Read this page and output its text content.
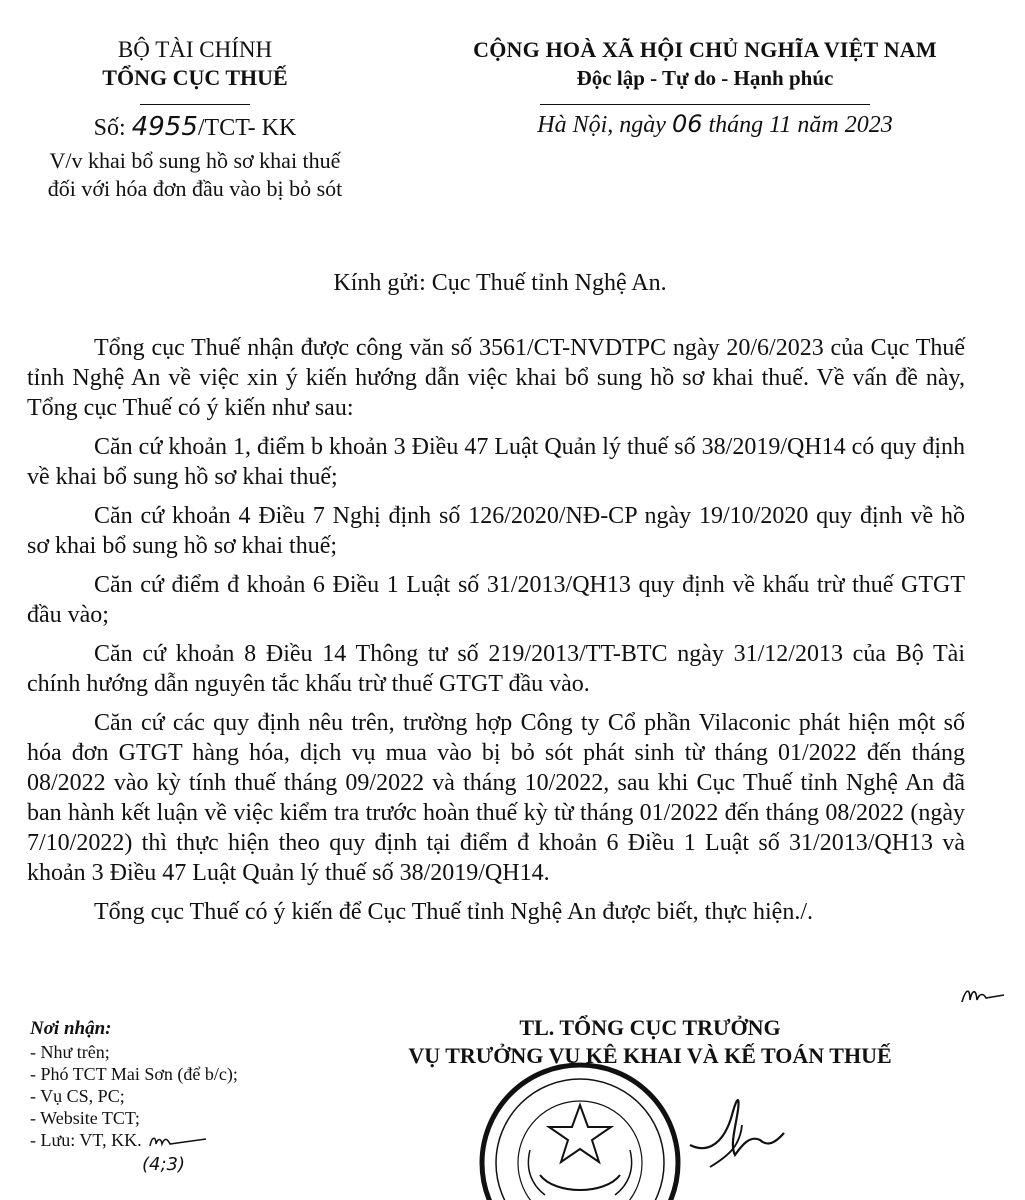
BỘ TÀI CHÍNH
TỔNG CỤC THUẾ
CỘNG HOÀ XÃ HỘI CHỦ NGHĨA VIỆT NAM
Độc lập - Tự do - Hạnh phúc
Số: 4955/TCT- KK
V/v khai bổ sung hồ sơ khai thuế
đối với hóa đơn đầu vào bị bỏ sót
Hà Nội, ngày 06 tháng 11 năm 2023
Kính gửi: Cục Thuế tỉnh Nghệ An.

Tổng cục Thuế nhận được công văn số 3561/CT-NVDTPC ngày 20/6/2023 của Cục Thuế tỉnh Nghệ An về việc xin ý kiến hướng dẫn việc khai bổ sung hồ sơ khai thuế. Về vấn đề này, Tổng cục Thuế có ý kiến như sau:

Căn cứ khoản 1, điểm b khoản 3 Điều 47 Luật Quản lý thuế số 38/2019/QH14 có quy định về khai bổ sung hồ sơ khai thuế;

Căn cứ khoản 4 Điều 7 Nghị định số 126/2020/NĐ-CP ngày 19/10/2020 quy định về hồ sơ khai bổ sung hồ sơ khai thuế;

Căn cứ điểm đ khoản 6 Điều 1 Luật số 31/2013/QH13 quy định về khấu trừ thuế GTGT đầu vào;

Căn cứ khoản 8 Điều 14 Thông tư số 219/2013/TT-BTC ngày 31/12/2013 của Bộ Tài chính hướng dẫn nguyên tắc khấu trừ thuế GTGT đầu vào.

Căn cứ các quy định nêu trên, trường hợp Công ty Cổ phần Vilaconic phát hiện một số hóa đơn GTGT hàng hóa, dịch vụ mua vào bị bỏ sót phát sinh từ tháng 01/2022 đến tháng 08/2022 vào kỳ tính thuế tháng 09/2022 và tháng 10/2022, sau khi Cục Thuế tỉnh Nghệ An đã ban hành kết luận về việc kiểm tra trước hoàn thuế kỳ từ tháng 01/2022 đến tháng 08/2022 (ngày 7/10/2022) thì thực hiện theo quy định tại điểm đ khoản 6 Điều 1 Luật số 31/2013/QH13 và khoản 3 Điều 47 Luật Quản lý thuế số 38/2019/QH14.

Tổng cục Thuế có ý kiến để Cục Thuế tỉnh Nghệ An được biết, thực hiện./.

Nơi nhận:
- Như trên;
- Phó TCT Mai Sơn (để b/c);
- Vụ CS, PC;
- Website TCT;
- Lưu: VT, KK.
(4;3)
TL. TỔNG CỤC TRƯỞNG
VỤ TRƯỞNG VỤ KÊ KHAI VÀ KẾ TOÁN THUẾ
